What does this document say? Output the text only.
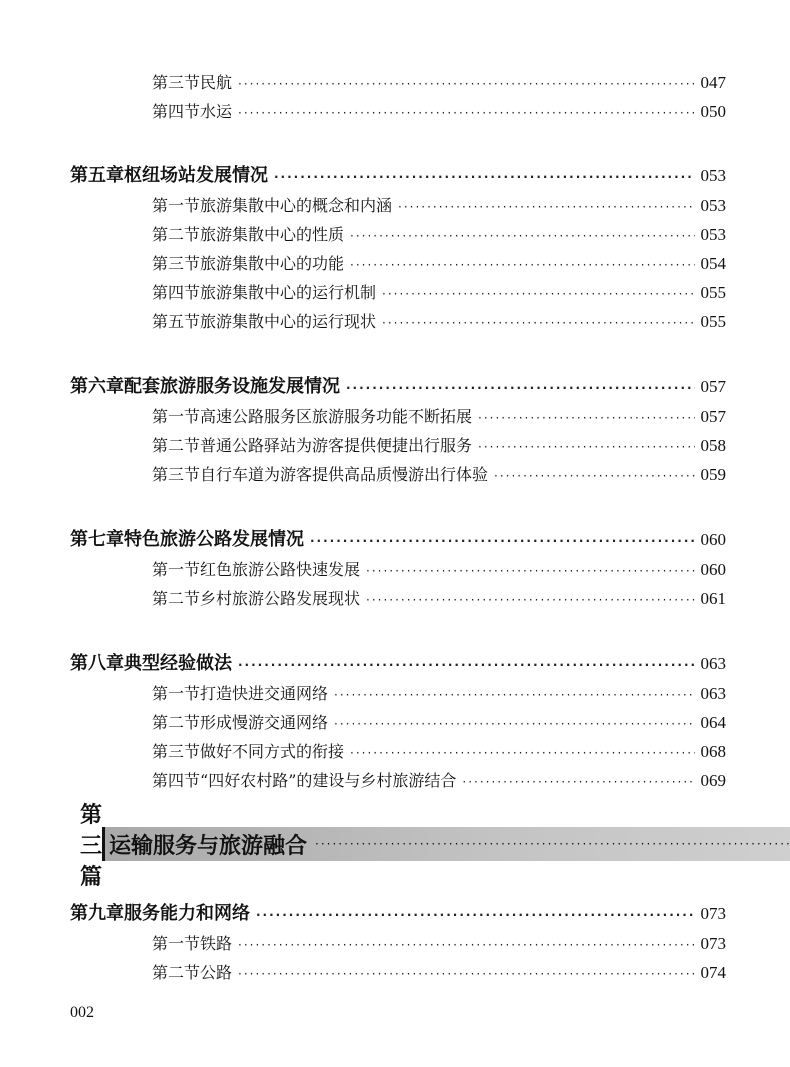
第三节 民航 ·····	047
第四节 水运 ·····	050
第五章 枢纽场站发展情况 ·····	053
第一节 旅游集散中心的概念和内涵 ·····	053
第二节 旅游集散中心的性质 ·····	053
第三节 旅游集散中心的功能 ·····	054
第四节 旅游集散中心的运行机制 ·····	055
第五节 旅游集散中心的运行现状 ·····	055
第六章 配套旅游服务设施发展情况 ·····	057
第一节 高速公路服务区旅游服务功能不断拓展 ·····	057
第二节 普通公路驿站为游客提供便捷出行服务 ·····	058
第三节 自行车道为游客提供高品质慢游出行体验 ·····	059
第七章 特色旅游公路发展情况 ·····	060
第一节 红色旅游公路快速发展 ·····	060
第二节 乡村旅游公路发展现状 ·····	061
第八章 典型经验做法 ·····	063
第一节 打造快进交通网络 ·····	063
第二节 形成慢游交通网络 ·····	064
第三节 做好不同方式的衔接 ·····	068
第四节 “四好农村路”的建设与乡村旅游结合 ·····	069
第九章 服务能力和网络 ·····	073
第一节 铁路 ·····	073
第二节 公路 ·····	074
第三篇
运输服务与旅游融合
·····
002
